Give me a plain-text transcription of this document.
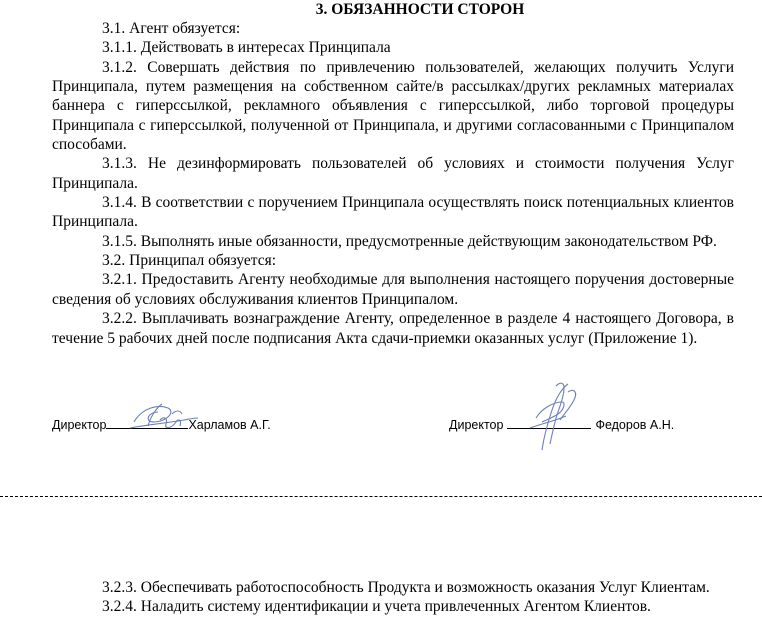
3. ОБЯЗАННОСТИ СТОРОН

3.1. Агент обязуется:

3.1.1. Действовать в интересах Принципала

3.1.2. Совершать действия по привлечению пользователей, желающих получить Услуги Принципала, путем размещения на собственном сайте/в рассылках/других рекламных материалах баннера с гиперссылкой, рекламного объявления с гиперссылкой, либо торговой процедуры Принципала с гиперссылкой, полученной от Принципала, и другими согласованными с Принципалом способами.

3.1.3. Не дезинформировать пользователей об условиях и стоимости получения Услуг Принципала.

3.1.4. В соответствии с поручением Принципала осуществлять поиск потенциальных клиентов Принципала.

3.1.5. Выполнять иные обязанности, предусмотренные действующим законодательством РФ.

3.2. Принципал обязуется:

3.2.1. Предоставить Агенту необходимые для выполнения настоящего поручения достоверные сведения об условиях обслуживания клиентов Принципалом.

3.2.2. Выплачивать вознаграждение Агенту, определенное в разделе 4 настоящего Договора, в течение 5 рабочих дней после подписания Акта сдачи-приемки оказанных услуг (Приложение 1).

Директор	Харламов А.Г.	Директор	Федоров А.Н.

3.2.3. Обеспечивать работоспособность Продукта и возможность оказания Услуг Клиентам.

3.2.4. Наладить систему идентификации и учета привлеченных Агентом Клиентов.
